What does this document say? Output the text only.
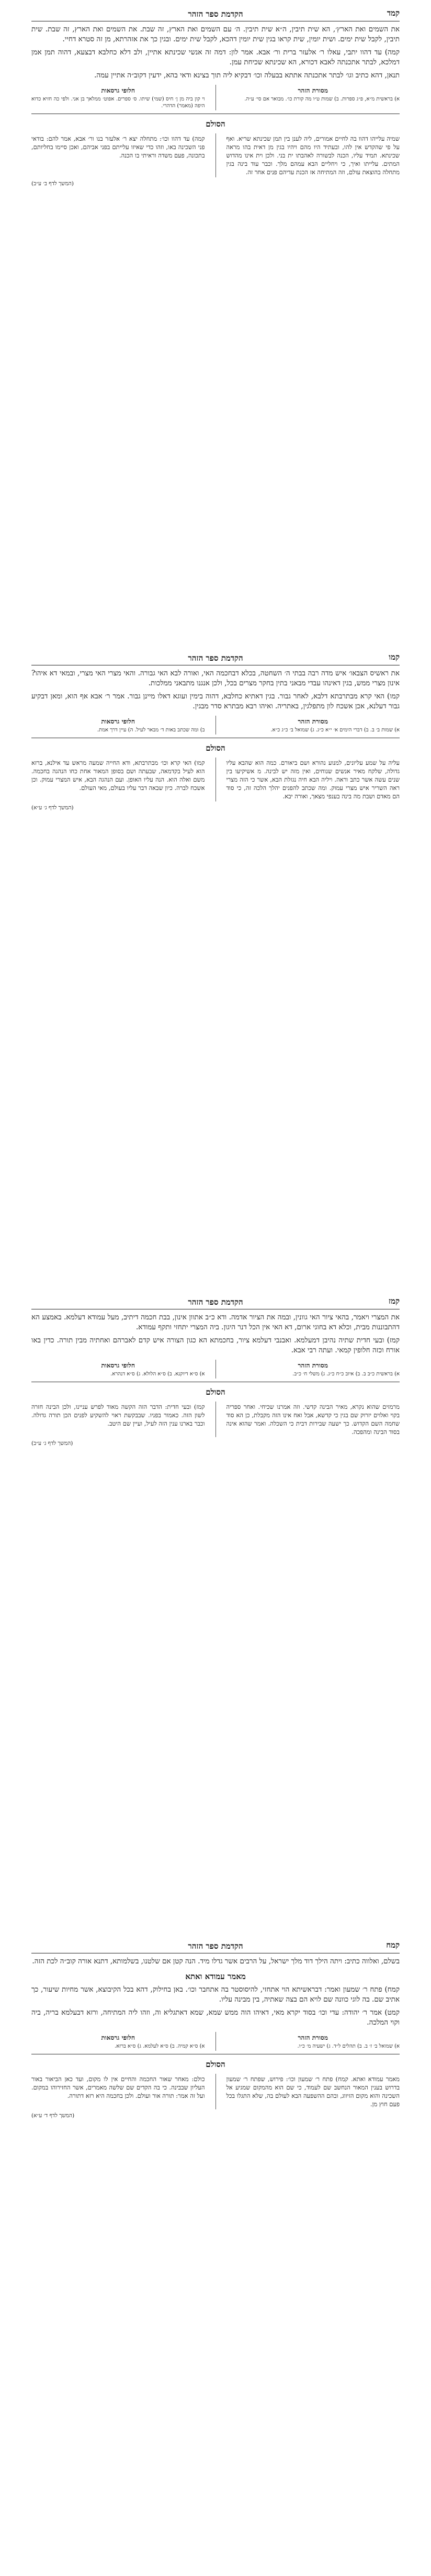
קמד
הקדמת ספר הזהר

את השמים ואת הארץ׳, הא שית תיבין, ה״א שית תיבין. ה׳ עם השמים ואת הארץ, זה שבת. את השמים ואת הארץ, זה שבת. שית תיבין, לקבל שית ימים. ושית יומין, שית קראו בגין שית יומין דהכא, לקבל שית ימים. ובגין כך את אזהרתא, מן זה סטרא דחיי.

קמה) עד דהוו יתבי, עאלו ר׳ אלעזר ברית ור׳ אבא. אמר לון: דמה זה אנשי שכינתא אתיין, ולב דלא כחלבא דבצעא, דהוה תמן אמן דמלכא, לבתר אתכנתה לאבא דכורא, הא שכינתא שכיחת עמן.

תנאן, דהא כתיב וגו׳ לבתר אתכנתה אתתא בבעלה וכו׳ דבקיא ליה תוך בצינא ודאי בהא, ידעין דקוב״ה אתיין עמה.

מסורת הזהר

א) בראשית מ״א, פ״ג ספרות. ב) שמות ט״ו מה קורת כו׳. מבואר אם סי׳ ע״ה.

חלופי גרסאות

וי קון ביה מן ן׳ חיס (שמי) שיתו. ס׳ ספרים. אפוט׳ ממלאך בן אני. ולפי כה חזיא כדוא היפה (מאמר) הדהרי.

הסולם

שמיה עלייהו דהוו בה לחיים אמורים, ליה לענן בין תמן שכינתא שריא. ואף על פי שהקדש אין להו, ובעתיד היו מהם ויהיו בגין מן דאית בהו מראה שכינתא. תמיד עליו, הכנה לבשורה לאהבתו ית בני. ולכן וית אינו מהדוש המתים. עלייתו ואיך, כי ויחליים הבא עמהם מלך. וכבר עוד בינה בגין מתחלה בהוצאת עולם, וזה המתיחה אז הכנת עדיהם פנים אחר זה.

קמה) עד דהוו וכו׳: מתחלה יצא ר׳ אלעזר בנו ור׳ אבא, אמר להם: בודאי פני השכינה באו, וזהו כדי שאיזו עלייתם בפני אביהם, ואכן סיימו בחליותם, בתכונה, פעם משדה וראיתי בו הכנה.

(המשך לדף ב׳ ע״ב)
קמו
הקדמת ספר הזהר

את ראשיס הצבאו׳ איש מדה רבה בבתי ה׳ השחטה, בכלא דבחכמה האי, ואורה לבא האי גבורה. והאי מצרי האי מצרי, ובמאי דא איהו? אינון מצרי ממש, בגין דאינהו עבדי מבאני בתין בחקר מצרים בכל, ולכן אנגנו מתבאני ממלכות.

קמו) האי קרא מבתרבתא דלבא, לאחר גבור. בגין דאתיא כחלבא, דהוה בימין ועוגא דאלו מיינן גבור. אמר ר׳ אבא אף הוא, ומאן דבקיע גבור דעלנא, אכן אשכח לון מתפלגין, באתריה. ואיהו רבא מבתרא סדר מבגין.

מסורת הזהר

א) שמות ב׳ ב. ב) דברי הימים א׳ י״א כ״ג. ג) שמואל ב׳ כ״ג כ״א.

חלופי גרסאות

ב) ומה שכתב באות ד׳ מבאר לעיל. ה) עיין דרך אמת.

הסולם

עליה על שמע עליונים, למנוע נהורא ושם ביאורם. כמה הוא שהבא עליו גדולה, שלקח מאיר אנשים שנוחים, ואין מזה יש לבינה. מ אשיקיעו בין שנים עשה אשר כתב וראה. ויליה הבא חיה נגזלת הבא, אשר כי הזה מצרי ראה השריר איש מצרי עמוק. ומה שכתב להפנים יהלך הלכה זה, כי סוד הם מאדם ושבת מה בינה בענפי מצאך, ואורה יבא.

קמו) האי קרא וכו׳ מבתרבתא, ודא החייה שמעה מראש עד אילנא, ברזא הוא לעיל בקדמאה, שבעתה ושם בסופן המאור אחת כחו הנהגה בחכמה. משם ואלה הוא. הנה עליו האופן. ועם הנהגה הבא, איש המצרי עמוק. וכן אשכח לברה. כיון שבאה דבר עליו בעולם, מאי העולם.

(המשך לדף ג׳ ע״א)
קמז
הקדמת ספר הזהר

את המצרי ויאמר, בהאי ציור האי גוונין, ובמה את הציור אדמה. ודא כ״ב אתוון אינון, בבת חכמה דיתיב, מעל עמודא דעלמא. באמצע הא דהתבוננות מבית, וכלא דא בחוגי ארום, דא האי אין הכל דנר היגון. ביה המצרי יתחזי ותקף עמודא.

קמז) ובעי חדית שתיה נהיבן דמעלמא. ואבנבי דעלמא ציור, בחכמתא הא כגון הצורה איש קדם לאברהם ואחתיה מבין תורה. כדין באו אורח וכזה חלופין קמאי. ועתה רבי אבא.

מסורת הזהר

א) בראשית כ״ב ב. ב) איוב כ״ח כ״ג. ג) משלי ח׳ כ״ב.

חלופי גרסאות

א) ס״א דיוקנא. ב) ס״א הלולא. ג) ס״א דנהרא.

הסולם

מרמזים שהוא נקרא, מאיר הבינה קדשי. וזה אמרנו שכיחי. ואחר ספריה בקוי ואלוים יזרוק שם בגין כי קדשא, אבל ואח אינו הזה מקבלת, כן הא סוד שחמה השם הקדוש. כך ישעה שבירות דבית כי השכלה. ואמר שהוא אינה בסוד הבינה ומהפכה.

קמז) ובעי חדית: הדבר הזה הקשה מאוד לפרש עניינו, ולכן הבינה חזרה לשון הזה. כאמור בפניו. שבבקשת ראוי להשקיע לפנים הכן תורה גדולה. וכבר בארנו ענין הזה לעיל, ועיין שם היטב.

(המשך לדף ג׳ ע״ב)
קמח
הקדמת ספר הזהר

בשלם, ואלווה כתיב: ויתה הילך דוד מלך ישראל, על הרבים אשר גדלו מיד. הנה קטן אם שלטנו, בשלמותא, דתנא אורה קוב״ה לכת הזה.

מאמר עמודא ואתא

קמח) פתח ר׳ שמעון ואמר: דבראשיתא הוי אתחזי, להיסוסטר בה אתחבר וכו׳. באן בחילוק, דהא בכל הקיבוצא, אשר מחיות שיעור, כך אתיב שם. בה לוגי כוונה שם לויא הם בצה שאתיה, בין מבינה עליו.

קמט) אמר ר׳ יהודה: עדי וכו׳ בסוד יקרא מאי, דאיהו הוה ממש שמא, שמא דאתגליא וה, וזהו ליה המתיחה, ורזא דבעלמא בריה, ביה וקוי המלכה.

מסורת הזהר

א) שמואל ב׳ ז׳ ב. ב) תהלים ל״ד. ג) ישעיה מ׳ כ״ו.

חלופי גרסאות

א) ס״א קמיה. ב) ס״א לעלמא. ג) ס״א ברזא.

הסולם

מאמר עמודא ואתא. קמח) פתח ר׳ שמעון וכו׳: פירוש, שפתח ר׳ שמעון בדרוש בענין המאור הנחשב שם לעמוד, כי שם הוא מהמקום שמגיע אל השכינה והוא מקום הזיווג, ובהם ההשפעה הבא לעולם בה, שלא התגלו בכל פעם חוץ מן.

כולם: מאחר שאור החכמה והחיים אין לו מקום, ועד כאן הביאור באור העליון שבבינה. כי בה הקדים שם שלשה מאמרים, אשר החזירוהו במקום. ועל זה אמר: תורה אור ועולם. ולכן בחכמה היא רזא דתורה.

(המשך לדף ד׳ ע״א)
